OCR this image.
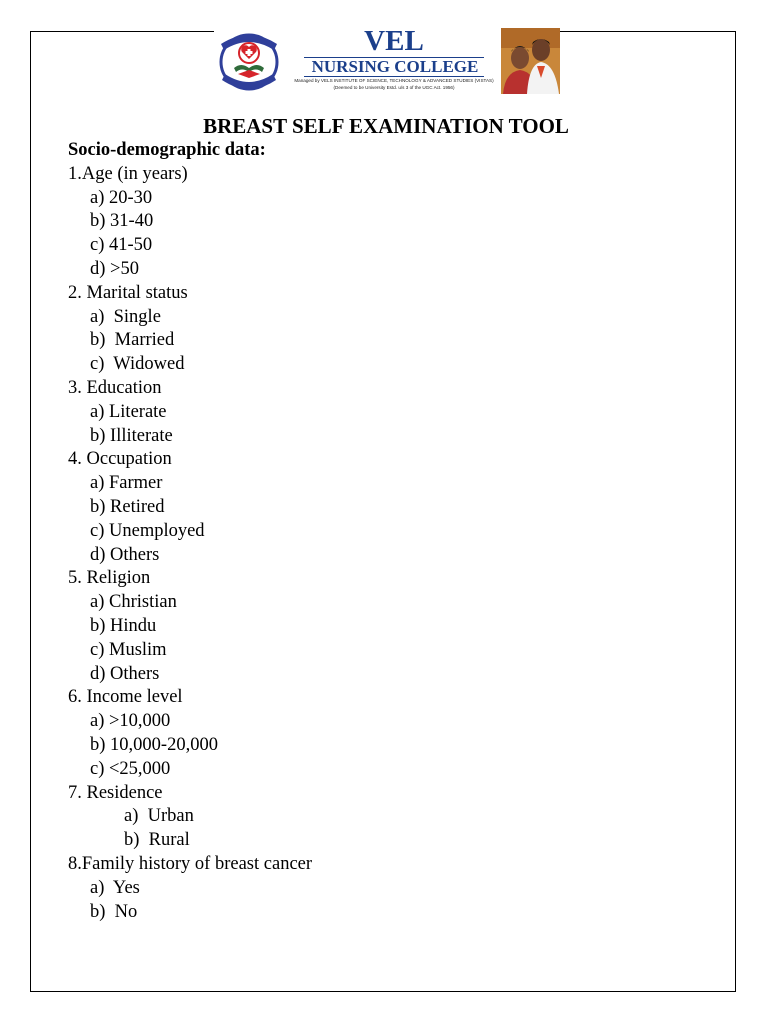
VEL
NURSING COLLEGE
Managed by VELS INSTITUTE OF SCIENCE, TECHNOLOGY & ADVANCED STUDIES (VISTAS)
(Deemed to be University Estd. u/s 3 of the UGC Act. 1956)
BREAST SELF EXAMINATION TOOL
Socio-demographic data:
1.Age (in years)
a) 20-30
b) 31-40
c) 41-50
d) >50
2. Marital status
a)  Single
b)  Married
c)  Widowed
3. Education
a) Literate
b) Illiterate
4. Occupation
a) Farmer
b) Retired
c) Unemployed
d) Others
5. Religion
a) Christian
b) Hindu
c) Muslim
d) Others
6. Income level
a) >10,000
b) 10,000-20,000
c) <25,000
7. Residence
a)  Urban
b)  Rural
8.Family history of breast cancer
a)  Yes
b)  No
